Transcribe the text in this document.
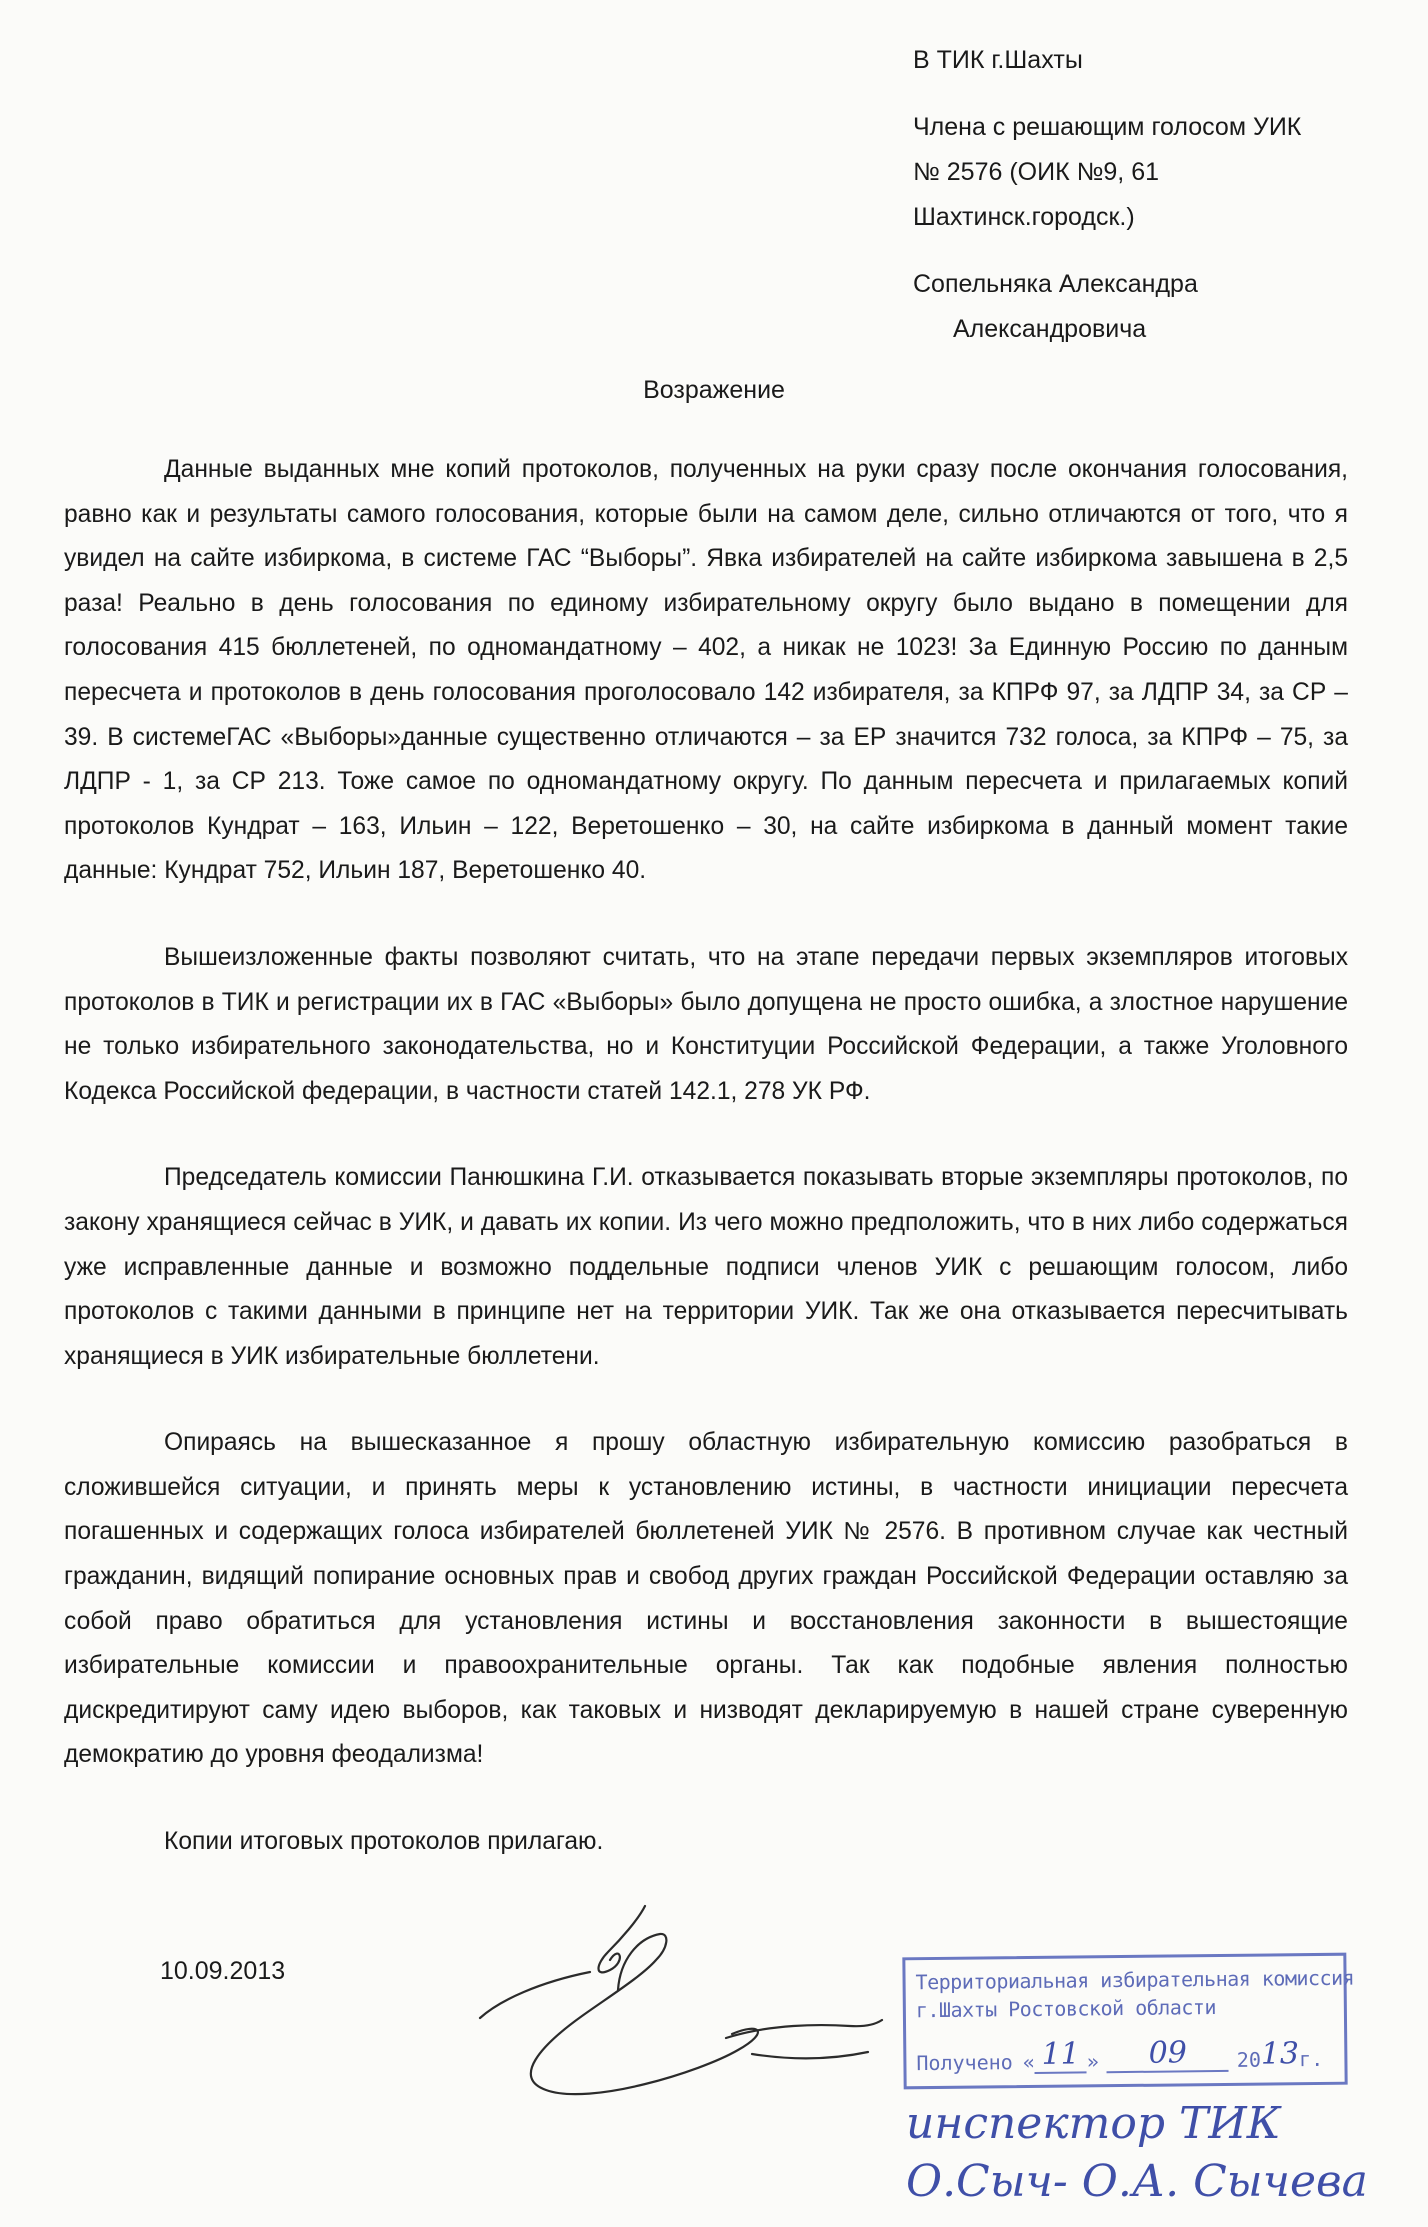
В ТИК г.Шахты
Члена с решающим голосом УИК
№ 2576 (ОИК №9, 61
Шахтинск.городск.)
Сопельняка Александра
Александровича
Возражение

Данные выданных мне копий протоколов, полученных на руки сразу после окончания голосования, равно как и результаты самого голосования, которые были на самом деле, сильно отличаются от того, что я увидел на сайте избиркома, в системе ГАС “Выборы”. Явка избирателей на сайте избиркома завышена в 2,5 раза! Реально в день голосования по единому избирательному округу было выдано в помещении для голосования 415 бюллетеней, по одномандатному – 402, а никак не 1023! За Единную Россию по данным пересчета и протоколов в день голосования проголосовало 142 избирателя, за КПРФ 97, за ЛДПР 34, за СР – 39. В системеГАС «Выборы»данные существенно отличаются – за ЕР значится 732 голоса, за КПРФ – 75, за ЛДПР - 1, за СР 213. Тоже самое по одномандатному округу. По данным пересчета и прилагаемых копий протоколов Кундрат – 163, Ильин – 122, Веретошенко – 30, на сайте избиркома в данный момент такие данные: Кундрат 752, Ильин 187, Веретошенко 40.

Вышеизложенные факты позволяют считать, что на этапе передачи первых экземпляров итоговых протоколов в ТИК и регистрации их в ГАС «Выборы» было допущена не просто ошибка, а злостное нарушение не только избирательного законодательства, но и Конституции Российской Федерации, а также Уголовного Кодекса Российской федерации, в частности статей 142.1, 278 УК РФ.

Председатель комиссии Панюшкина Г.И. отказывается показывать вторые экземпляры протоколов, по закону хранящиеся сейчас в УИК, и давать их копии. Из чего можно предположить, что в них либо содержаться уже исправленные данные и возможно поддельные подписи членов УИК с решающим голосом, либо протоколов с такими данными в принципе нет на территории УИК. Так же она отказывается пересчитывать хранящиеся в УИК избирательные бюллетени.

Опираясь на вышесказанное я прошу областную избирательную комиссию разобраться в сложившейся ситуации, и принять меры к установлению истины, в частности инициации пересчета погашенных и содержащих голоса избирателей бюллетеней УИК № 2576. В противном случае как честный гражданин, видящий попирание основных прав и свобод других граждан Российской Федерации оставляю за собой право обратиться для установления истины и восстановления законности в вышестоящие избирательные комиссии и правоохранительные органы. Так как подобные явления полностью дискредитируют саму идею выборов, как таковых и низводят декларируемую в нашей стране суверенную демократию до уровня феодализма!

Копии итоговых протоколов прилагаю.

10.09.2013	Территориальная избирательная комиссия
г.Шахты Ростовской области
Получено « 11 »	09	20 13 г.
инспектор ТИК
О.Сыч- О.А. Сычева
